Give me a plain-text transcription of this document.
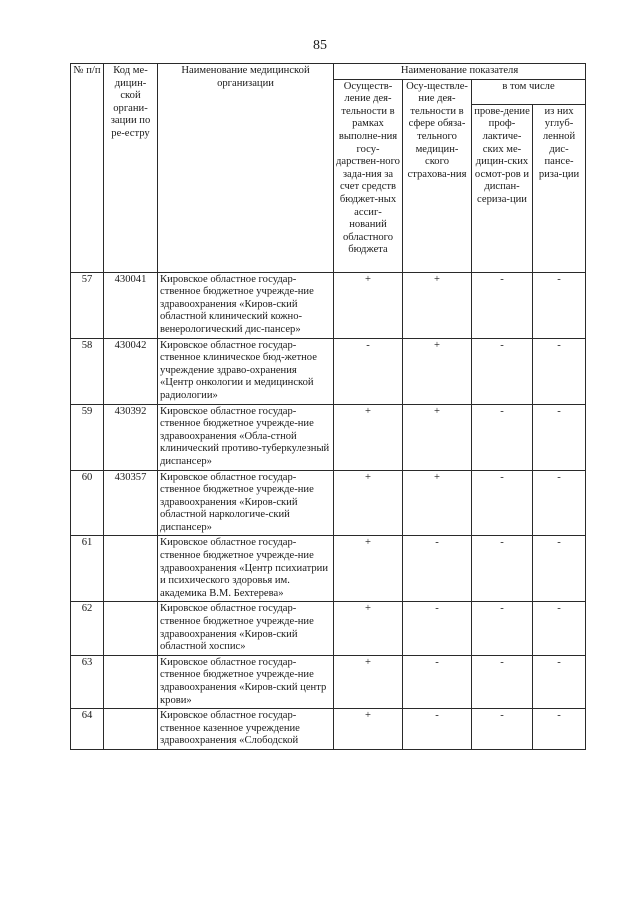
85
№ п/п	Код ме-дицин-ской органи-зации по ре-естру	Наименование медицинской организации	Наименование показателя			
			Осуществ-ление дея-тельности в рамках выполне-ния госу-дарствен-ного зада-ния за счет средств бюджет-ных ассиг-нований областного бюджета	Осу-ществле-ние дея-тельности в сфере обяза-тельного медицин-ского страхова-ния	в том числе	
					прове-дение проф-лактиче-ских ме-дицин-ских осмот-ров и диспан-сериза-ции	из них углуб-ленной дис-пансе-риза-ции
57	430041	Кировское областное государ-ственное бюджетное учрежде-ние здравоохранения «Киров-ский областной клинический кожно-венерологический дис-пансер»	+	+	-	-
58	430042	Кировское областное государ-ственное клиническое бюд-жетное учреждение здраво-охранения «Центр онкологии и медицинской радиологии»	-	+	-	-
59	430392	Кировское областное государ-ственное бюджетное учрежде-ние здравоохранения «Обла-стной клинический противо-туберкулезный диспансер»	+	+	-	-
60	430357	Кировское областное государ-ственное бюджетное учрежде-ние здравоохранения «Киров-ский областной наркологиче-ский диспансер»	+	+	-	-
61		Кировское областное государ-ственное бюджетное учрежде-ние здравоохранения «Центр психиатрии и психического здоровья им. академика В.М. Бехтерева»	+	-	-	-
62		Кировское областное государ-ственное бюджетное учрежде-ние здравоохранения «Киров-ский областной хоспис»	+	-	-	-
63		Кировское областное государ-ственное бюджетное учрежде-ние здравоохранения «Киров-ский центр крови»	+	-	-	-
64		Кировское областное государ-ственное казенное учреждение здравоохранения «Слободской	+	-	-	-
